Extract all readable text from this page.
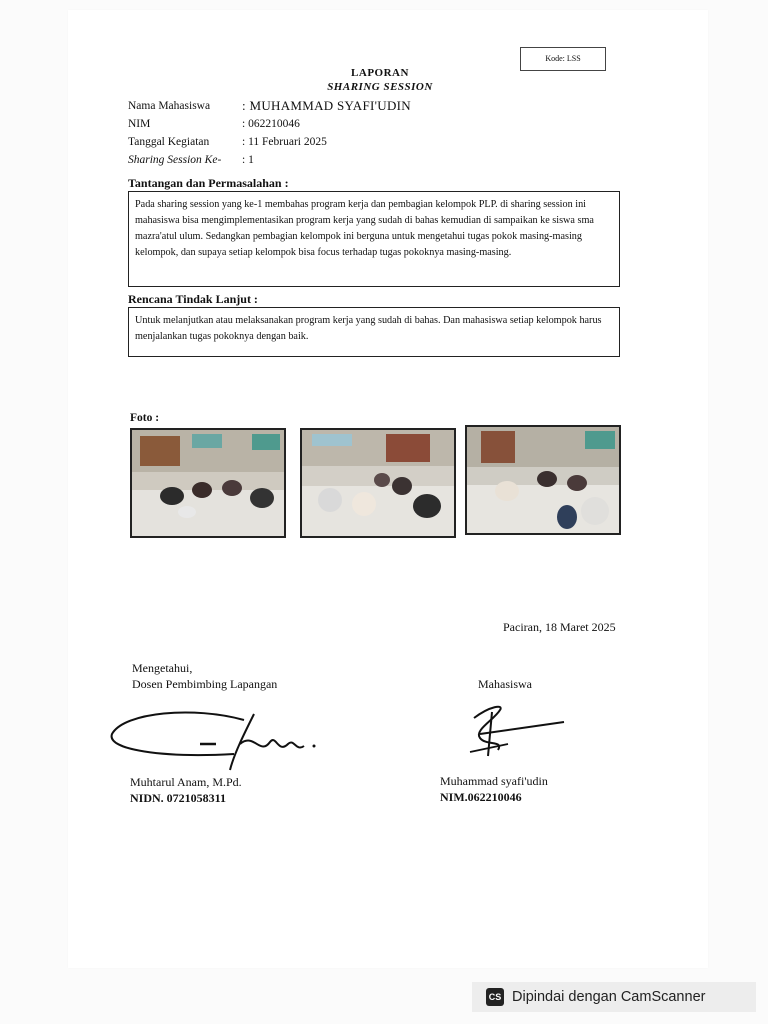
Kode: LSS
LAPORAN
SHARING SESSION
Nama Mahasiswa	: MUHAMMAD SYAFI'UDIN
NIM	: 062210046
Tanggal Kegiatan	: 11 Februari 2025
Sharing Session Ke-	: 1
Tantangan dan Permasalahan :
Pada sharing session yang ke-1 membahas program kerja dan pembagian kelompok PLP. di sharing session ini mahasiswa bisa mengimplementasikan program kerja yang sudah di bahas kemudian di sampaikan ke siswa sma mazra'atul ulum. Sedangkan pembagian kelompok ini berguna untuk mengetahui tugas pokok masing-masing kelompok, dan supaya setiap kelompok bisa focus terhadap tugas pokoknya masing-masing.
Rencana Tindak Lanjut :
Untuk melanjutkan atau melaksanakan program kerja yang sudah di bahas. Dan mahasiswa setiap kelompok harus menjalankan tugas pokoknya dengan baik.
Foto :
Paciran, 18 Maret 2025
Mengetahui,
Dosen Pembimbing Lapangan	Mahasiswa
Muhtarul Anam, M.Pd.
NIDN. 0721058311
Muhammad syafi'udin
NIM.062210046
CS Dipindai dengan CamScanner
